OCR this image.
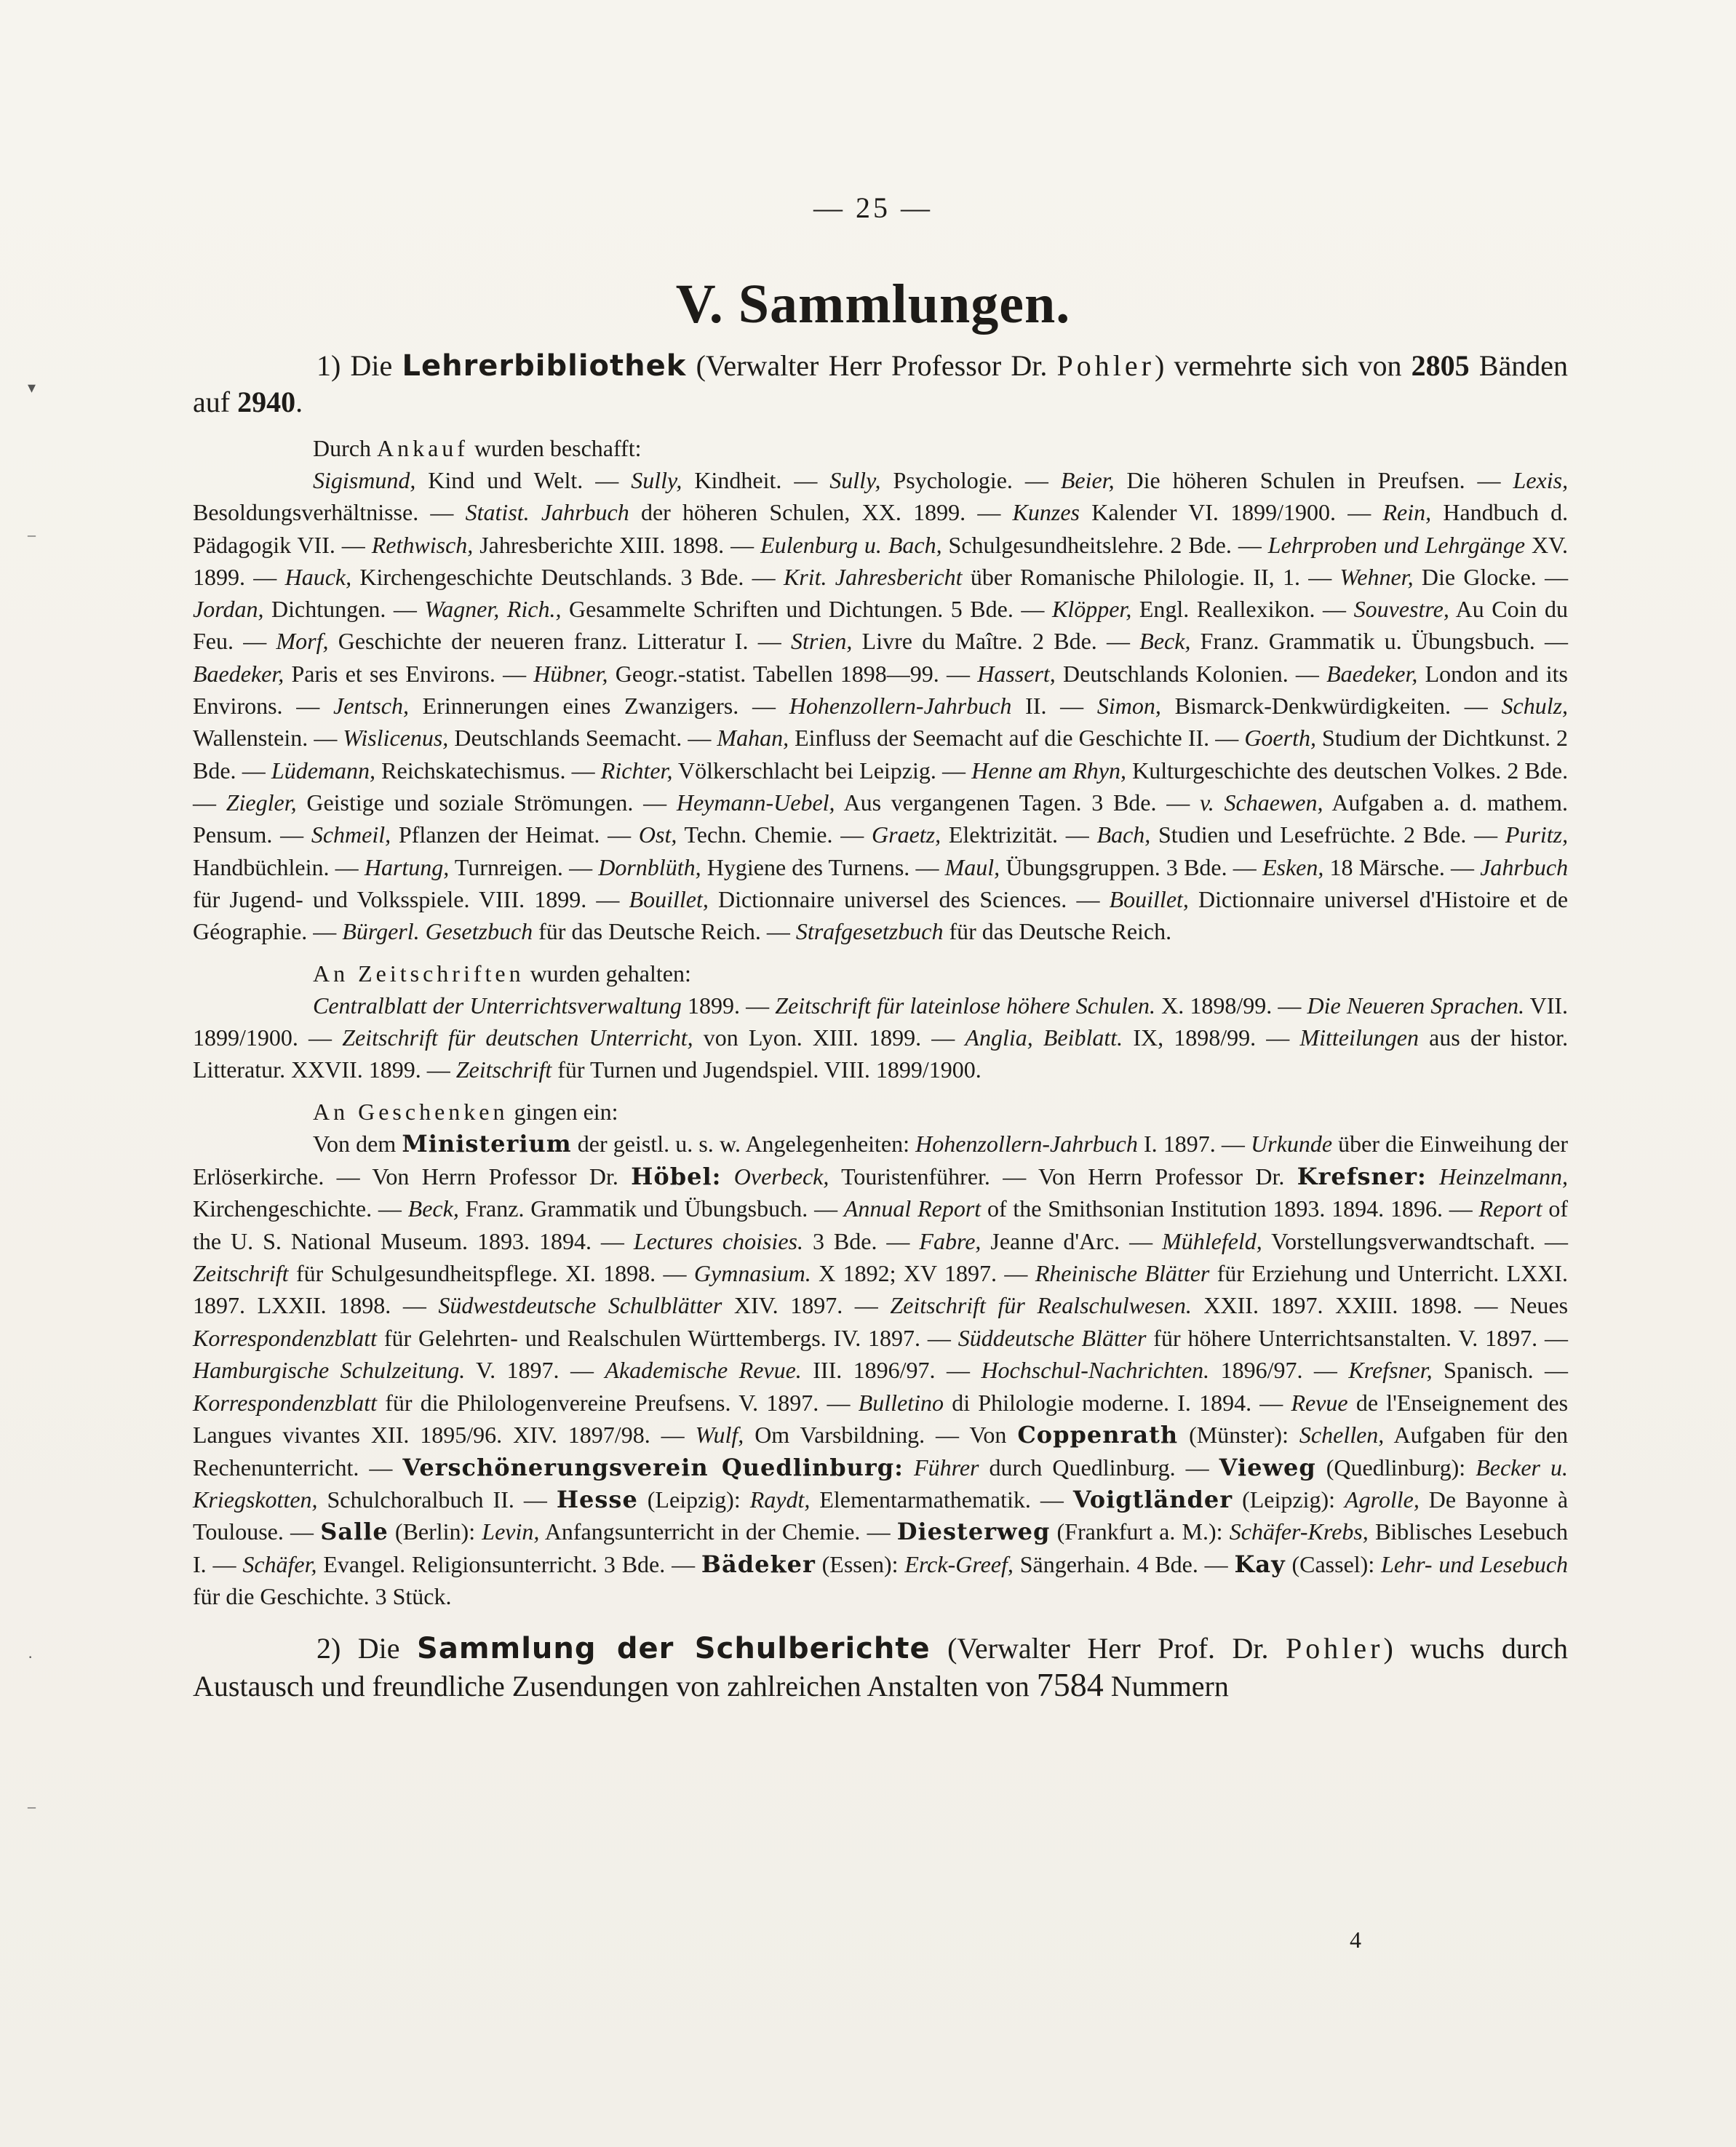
— 25 —
V. Sammlungen.

1) Die Lehrerbibliothek (Verwalter Herr Professor Dr. Pohler) vermehrte sich von 2805 Bänden auf 2940.

Durch Ankauf wurden beschafft:

Sigismund, Kind und Welt. — Sully, Kindheit. — Sully, Psychologie. — Beier, Die höheren Schulen in Preufsen. — Lexis, Besoldungsverhältnisse. — Statist. Jahrbuch der höheren Schulen, XX. 1899. — Kunzes Kalender VI. 1899/1900. — Rein, Handbuch d. Pädagogik VII. — Rethwisch, Jahresberichte XIII. 1898. — Eulenburg u. Bach, Schulgesundheitslehre. 2 Bde. — Lehrproben und Lehrgänge XV. 1899. — Hauck, Kirchengeschichte Deutschlands. 3 Bde. — Krit. Jahresbericht über Romanische Philologie. II, 1. — Wehner, Die Glocke. — Jordan, Dichtungen. — Wagner, Rich., Gesammelte Schriften und Dichtungen. 5 Bde. — Klöpper, Engl. Reallexikon. — Souvestre, Au Coin du Feu. — Morf, Geschichte der neueren franz. Litteratur I. — Strien, Livre du Maître. 2 Bde. — Beck, Franz. Grammatik u. Übungsbuch. — Baedeker, Paris et ses Environs. — Hübner, Geogr.-statist. Tabellen 1898—99. — Hassert, Deutschlands Kolonien. — Baedeker, London and its Environs. — Jentsch, Erinnerungen eines Zwanzigers. — Hohenzollern-Jahrbuch II. — Simon, Bismarck-Denkwürdigkeiten. — Schulz, Wallenstein. — Wislicenus, Deutschlands Seemacht. — Mahan, Einfluss der Seemacht auf die Geschichte II. — Goerth, Studium der Dichtkunst. 2 Bde. — Lüdemann, Reichskatechismus. — Richter, Völkerschlacht bei Leipzig. — Henne am Rhyn, Kulturgeschichte des deutschen Volkes. 2 Bde. — Ziegler, Geistige und soziale Strömungen. — Heymann-Uebel, Aus vergangenen Tagen. 3 Bde. — v. Schaewen, Aufgaben a. d. mathem. Pensum. — Schmeil, Pflanzen der Heimat. — Ost, Techn. Chemie. — Graetz, Elektrizität. — Bach, Studien und Lesefrüchte. 2 Bde. — Puritz, Handbüchlein. — Hartung, Turnreigen. — Dornblüth, Hygiene des Turnens. — Maul, Übungsgruppen. 3 Bde. — Esken, 18 Märsche. — Jahrbuch für Jugend- und Volksspiele. VIII. 1899. — Bouillet, Dictionnaire universel des Sciences. — Bouillet, Dictionnaire universel d'Histoire et de Géographie. — Bürgerl. Gesetzbuch für das Deutsche Reich. — Strafgesetzbuch für das Deutsche Reich.

An Zeitschriften wurden gehalten:

Centralblatt der Unterrichtsverwaltung 1899. — Zeitschrift für lateinlose höhere Schulen. X. 1898/99. — Die Neueren Sprachen. VII. 1899/1900. — Zeitschrift für deutschen Unterricht, von Lyon. XIII. 1899. — Anglia, Beiblatt. IX, 1898/99. — Mitteilungen aus der histor. Litteratur. XXVII. 1899. — Zeitschrift für Turnen und Jugendspiel. VIII. 1899/1900.

An Geschenken gingen ein:

Von dem Ministerium der geistl. u. s. w. Angelegenheiten: Hohenzollern-Jahrbuch I. 1897. — Urkunde über die Einweihung der Erlöserkirche. — Von Herrn Professor Dr. Höbel: Overbeck, Touristenführer. — Von Herrn Professor Dr. Krefsner: Heinzelmann, Kirchengeschichte. — Beck, Franz. Grammatik und Übungsbuch. — Annual Report of the Smithsonian Institution 1893. 1894. 1896. — Report of the U. S. National Museum. 1893. 1894. — Lectures choisies. 3 Bde. — Fabre, Jeanne d'Arc. — Mühlefeld, Vorstellungsverwandtschaft. — Zeitschrift für Schulgesundheitspflege. XI. 1898. — Gymnasium. X 1892; XV 1897. — Rheinische Blätter für Erziehung und Unterricht. LXXI. 1897. LXXII. 1898. — Südwestdeutsche Schulblätter XIV. 1897. — Zeitschrift für Realschulwesen. XXII. 1897. XXIII. 1898. — Neues Korrespondenzblatt für Gelehrten- und Realschulen Württembergs. IV. 1897. — Süddeutsche Blätter für höhere Unterrichtsanstalten. V. 1897. — Hamburgische Schulzeitung. V. 1897. — Akademische Revue. III. 1896/97. — Hochschul-Nachrichten. 1896/97. — Krefsner, Spanisch. — Korrespondenzblatt für die Philologenvereine Preufsens. V. 1897. — Bulletino di Philologie moderne. I. 1894. — Revue de l'Enseignement des Langues vivantes XII. 1895/96. XIV. 1897/98. — Wulf, Om Varsbildning. — Von Coppenrath (Münster): Schellen, Aufgaben für den Rechenunterricht. — Verschönerungsverein Quedlinburg: Führer durch Quedlinburg. — Vieweg (Quedlinburg): Becker u. Kriegskotten, Schulchoralbuch II. — Hesse (Leipzig): Raydt, Elementarmathematik. — Voigtländer (Leipzig): Agrolle, De Bayonne à Toulouse. — Salle (Berlin): Levin, Anfangsunterricht in der Chemie. — Diesterweg (Frankfurt a. M.): Schäfer-Krebs, Biblisches Lesebuch I. — Schäfer, Evangel. Religionsunterricht. 3 Bde. — Bädeker (Essen): Erck-Greef, Sängerhain. 4 Bde. — Kay (Cassel): Lehr- und Lesebuch für die Geschichte. 3 Stück.

2) Die Sammlung der Schulberichte (Verwalter Herr Prof. Dr. Pohler) wuchs durch Austausch und freundliche Zusendungen von zahlreichen Anstalten von 7584 Nummern

4
▾
–
·
–
